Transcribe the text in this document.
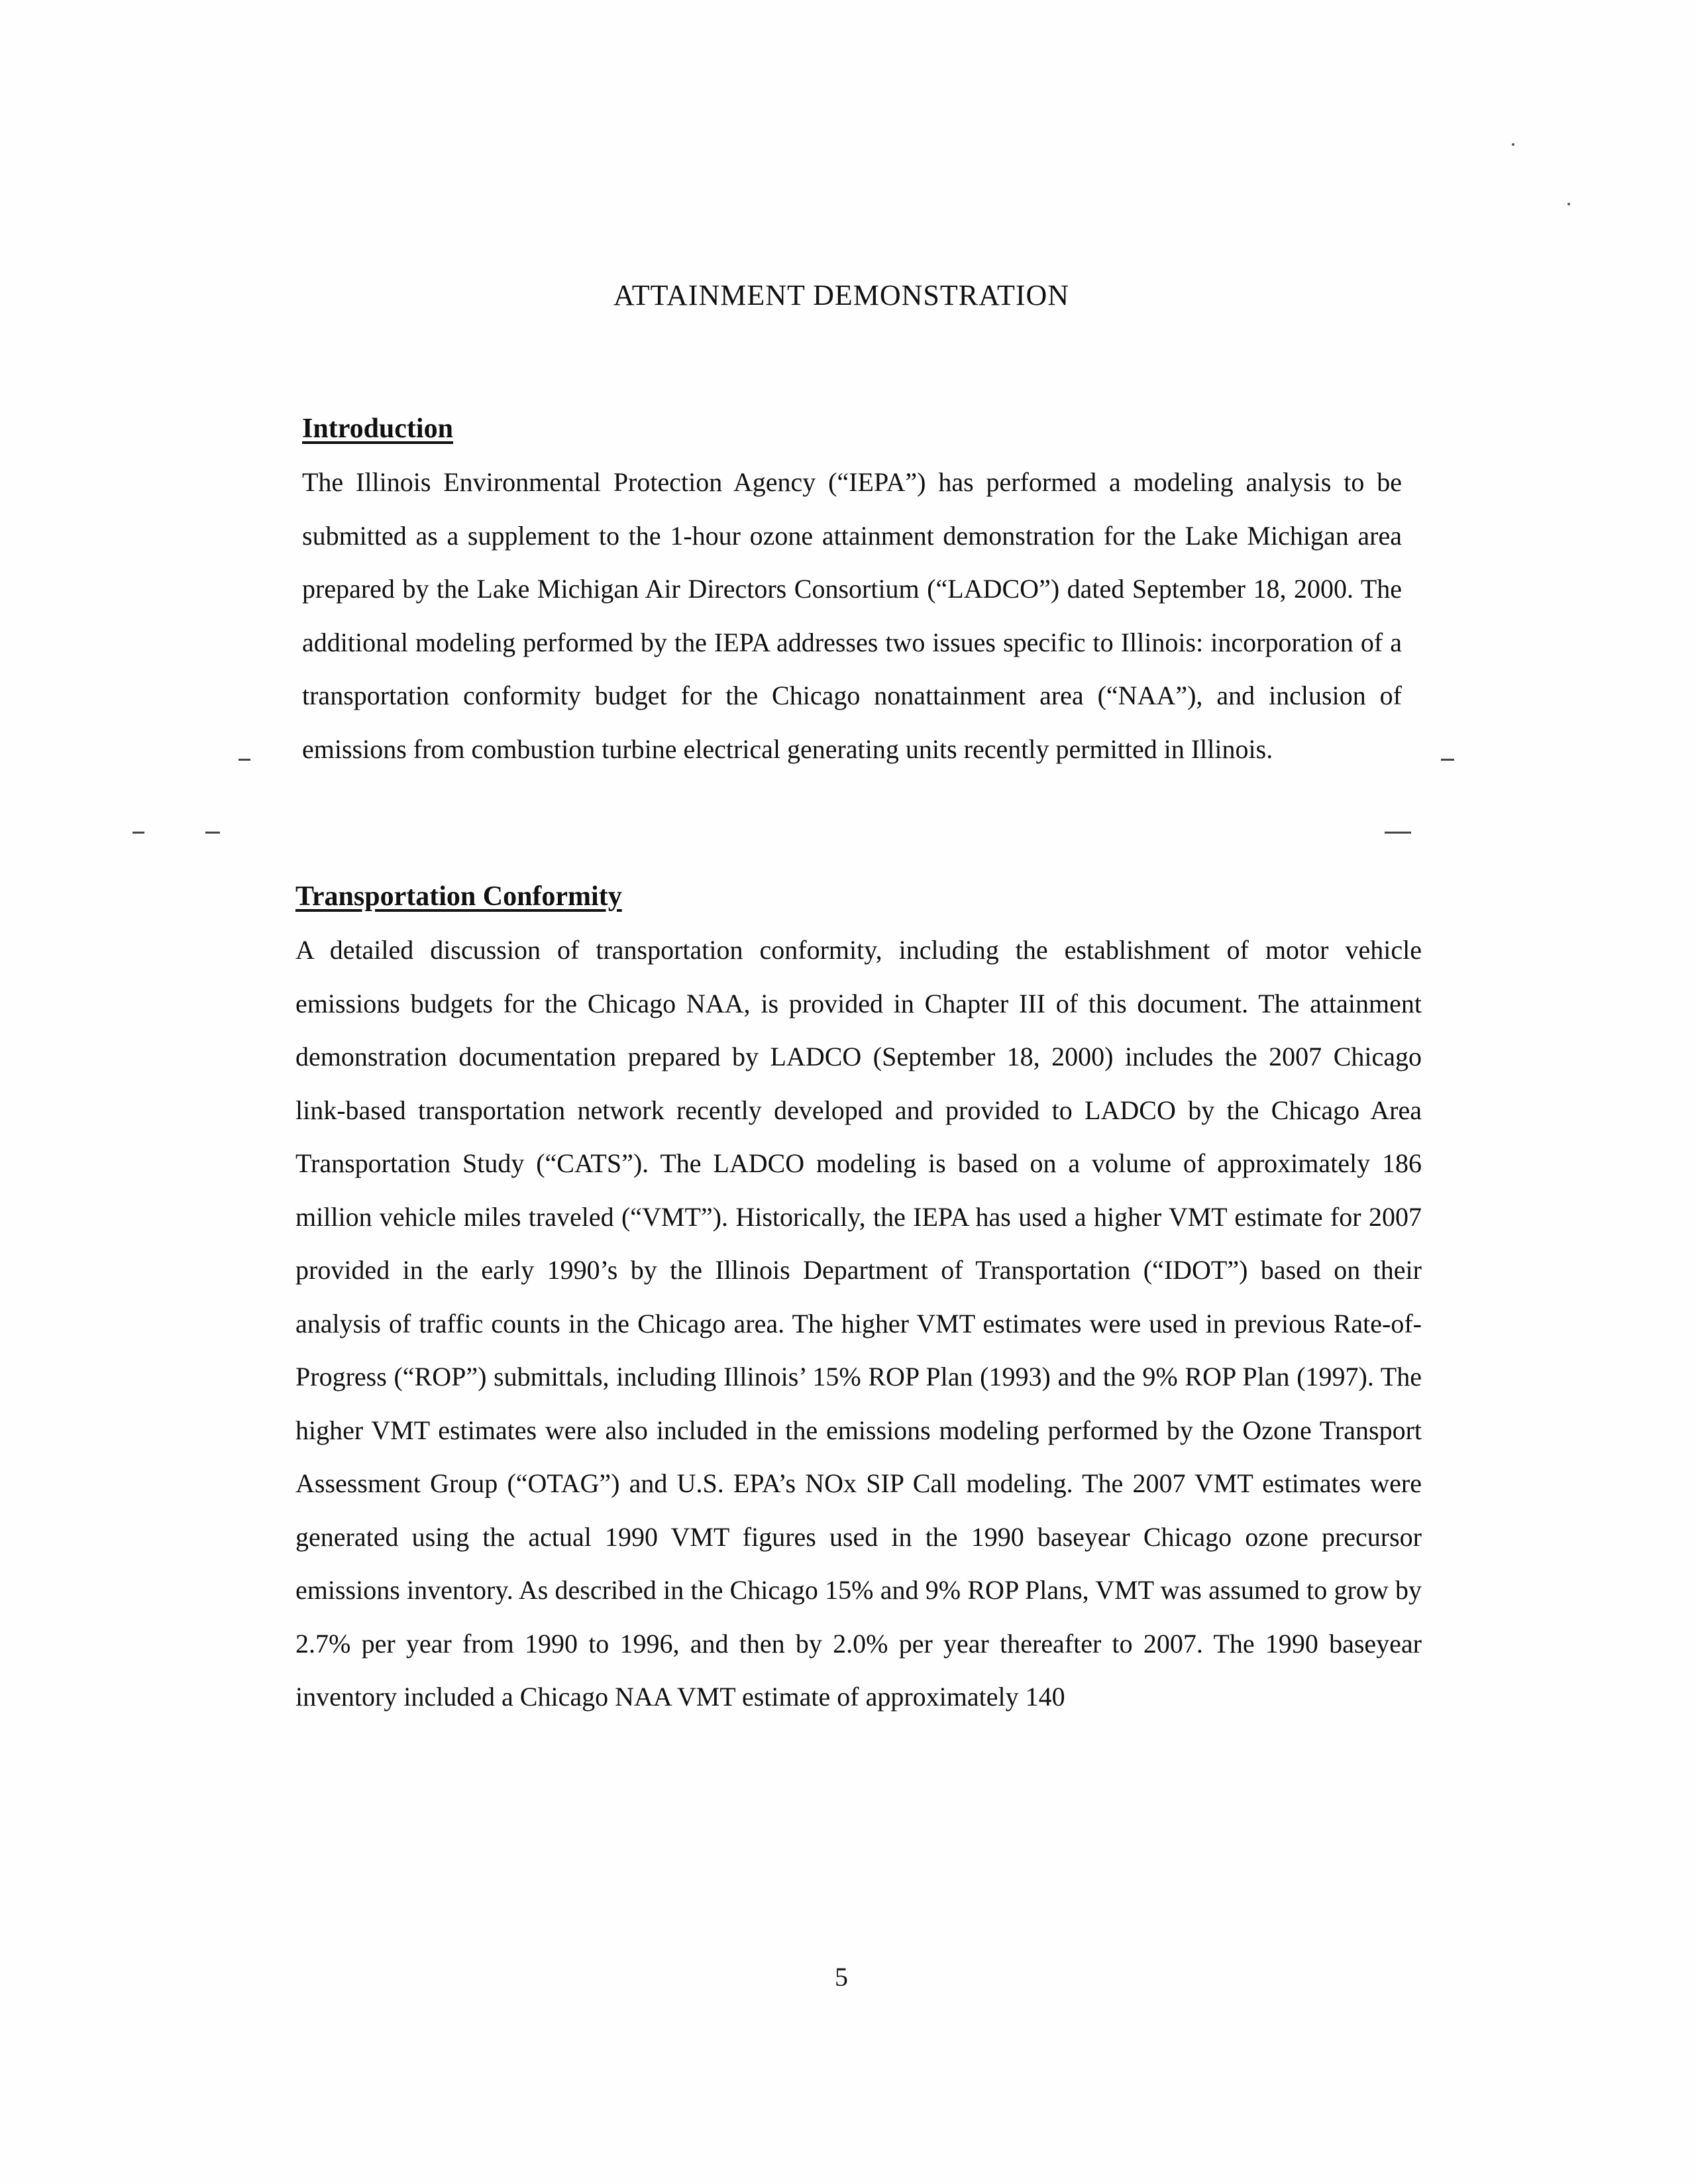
ATTAINMENT DEMONSTRATION
Introduction

The Illinois Environmental Protection Agency (“IEPA”) has performed a modeling analysis to be submitted as a supplement to the 1-hour ozone attainment demonstration for the Lake Michigan area prepared by the Lake Michigan Air Directors Consortium (“LADCO”) dated September 18, 2000. The additional modeling performed by the IEPA addresses two issues specific to Illinois: incorporation of a transportation conformity budget for the Chicago nonattainment area (“NAA”), and inclusion of emissions from combustion turbine electrical generating units recently permitted in Illinois.

Transportation Conformity

A detailed discussion of transportation conformity, including the establishment of motor vehicle emissions budgets for the Chicago NAA, is provided in Chapter III of this document. The attainment demonstration documentation prepared by LADCO (September 18, 2000) includes the 2007 Chicago link-based transportation network recently developed and provided to LADCO by the Chicago Area Transportation Study (“CATS”). The LADCO modeling is based on a volume of approximately 186 million vehicle miles traveled (“VMT”). Historically, the IEPA has used a higher VMT estimate for 2007 provided in the early 1990’s by the Illinois Department of Transportation (“IDOT”) based on their analysis of traffic counts in the Chicago area. The higher VMT estimates were used in previous Rate-of-Progress (“ROP”) submittals, including Illinois’ 15% ROP Plan (1993) and the 9% ROP Plan (1997). The higher VMT estimates were also included in the emissions modeling performed by the Ozone Transport Assessment Group (“OTAG”) and U.S. EPA’s NOx SIP Call modeling. The 2007 VMT estimates were generated using the actual 1990 VMT figures used in the 1990 baseyear Chicago ozone precursor emissions inventory. As described in the Chicago 15% and 9% ROP Plans, VMT was assumed to grow by 2.7% per year from 1990 to 1996, and then by 2.0% per year thereafter to 2007. The 1990 baseyear inventory included a Chicago NAA VMT estimate of approximately 140

5
